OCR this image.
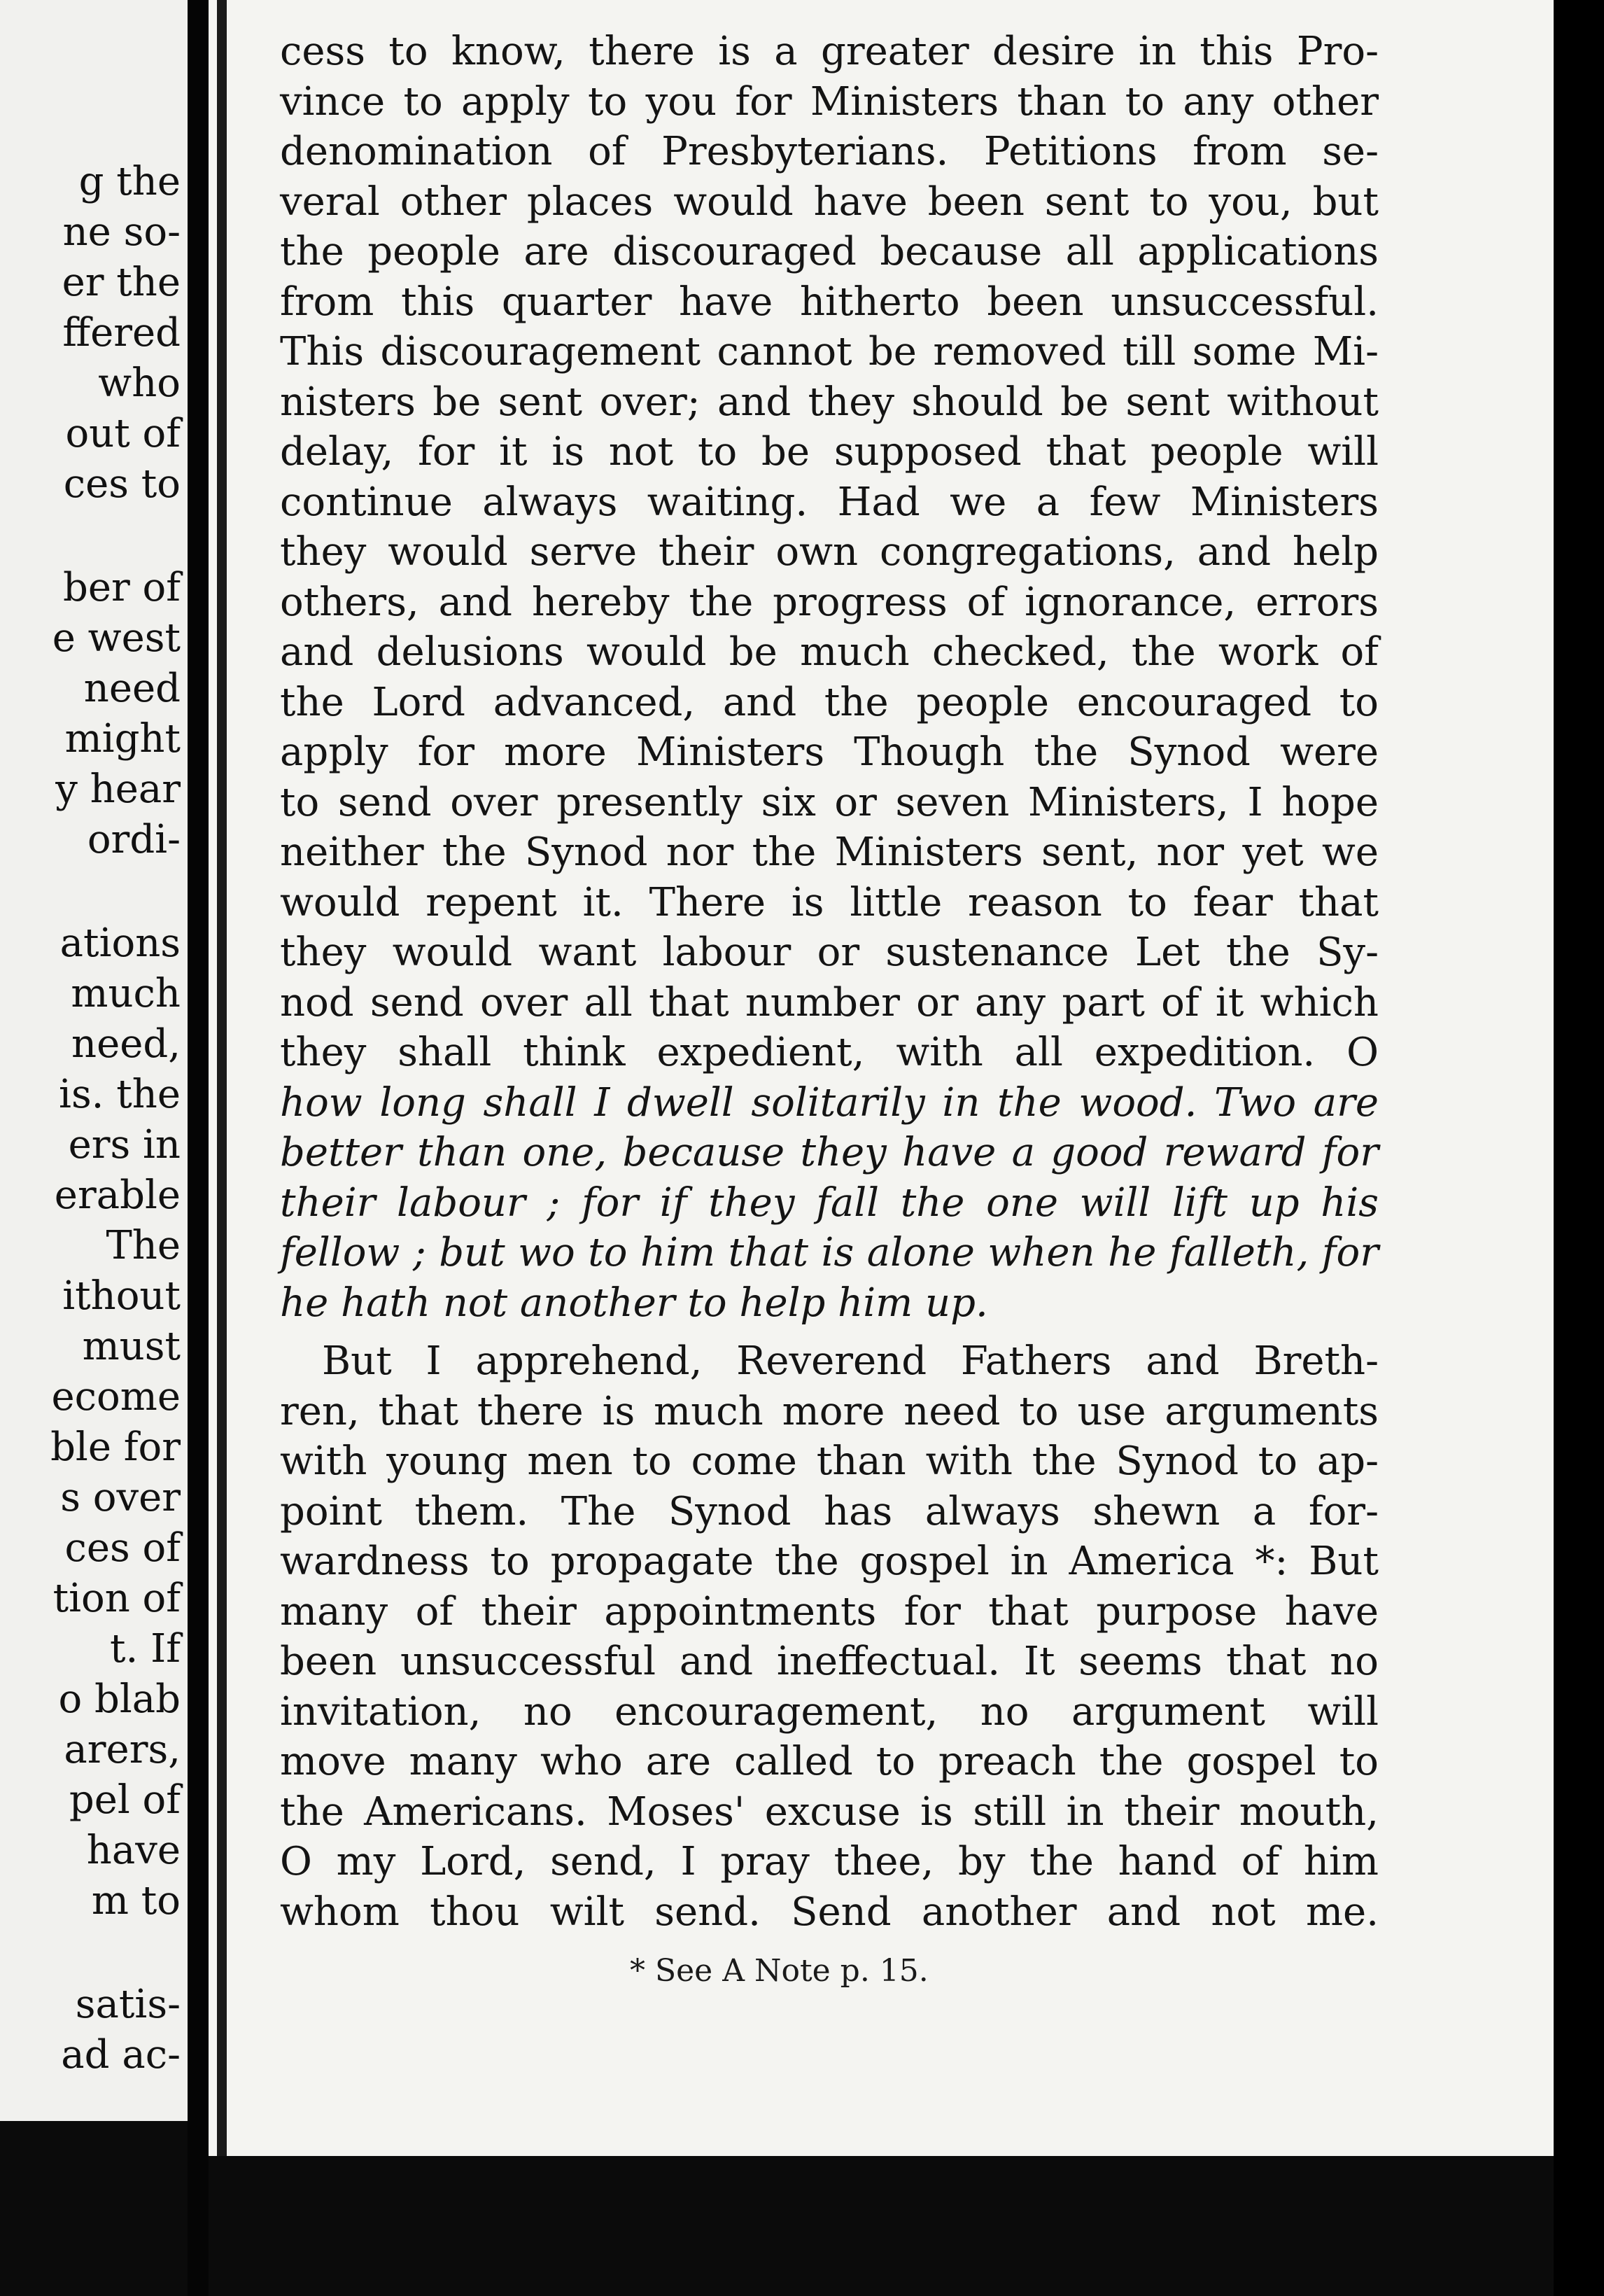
g the
ne so-
er the
ffered
who
out of
ces to
ber of
e west
need
might
y hear
ordi-
ations
much
need,
is. the
ers in
erable
The
ithout
must
ecome
ble for
s over
ces of
tion of
t. If
o blab
arers,
pel of
have
m to
satis-
ad ac-
cess to know, there is a greater desire in this Pro-
vince to apply to you for Ministers than to any other
denomination of Presbyterians. Petitions from se-
veral other places would have been sent to you, but
the people are discouraged because all applications
from this quarter have hitherto been unsuccessful.
This discouragement cannot be removed till some Mi-
nisters be sent over; and they should be sent without
delay, for it is not to be supposed that people will
continue always waiting. Had we a few Ministers
they would serve their own congregations, and help
others, and hereby the progress of ignorance, errors
and delusions would be much checked, the work of
the Lord advanced, and the people encouraged to
apply for more Ministers Though the Synod were
to send over presently six or seven Ministers, I hope
neither the Synod nor the Ministers sent, nor yet we
would repent it. There is little reason to fear that
they would want labour or sustenance Let the Sy-
nod send over all that number or any part of it which
they shall think expedient, with all expedition. O
how long shall I dwell solitarily in the wood. Two are
better than one, because they have a good reward for
their labour ; for if they fall the one will lift up his
fellow ; but wo to him that is alone when he falleth, for
he hath not another to help him up.
But I apprehend, Reverend Fathers and Breth-
ren, that there is much more need to use arguments
with young men to come than with the Synod to ap-
point them. The Synod has always shewn a for-
wardness to propagate the gospel in America *: But
many of their appointments for that purpose have
been unsuccessful and ineffectual. It seems that no
invitation, no encouragement, no argument will
move many who are called to preach the gospel to
the Americans. Moses' excuse is still in their mouth,
O my Lord, send, I pray thee, by the hand of him
whom thou wilt send. Send another and not me.
* See A Note p. 15.
